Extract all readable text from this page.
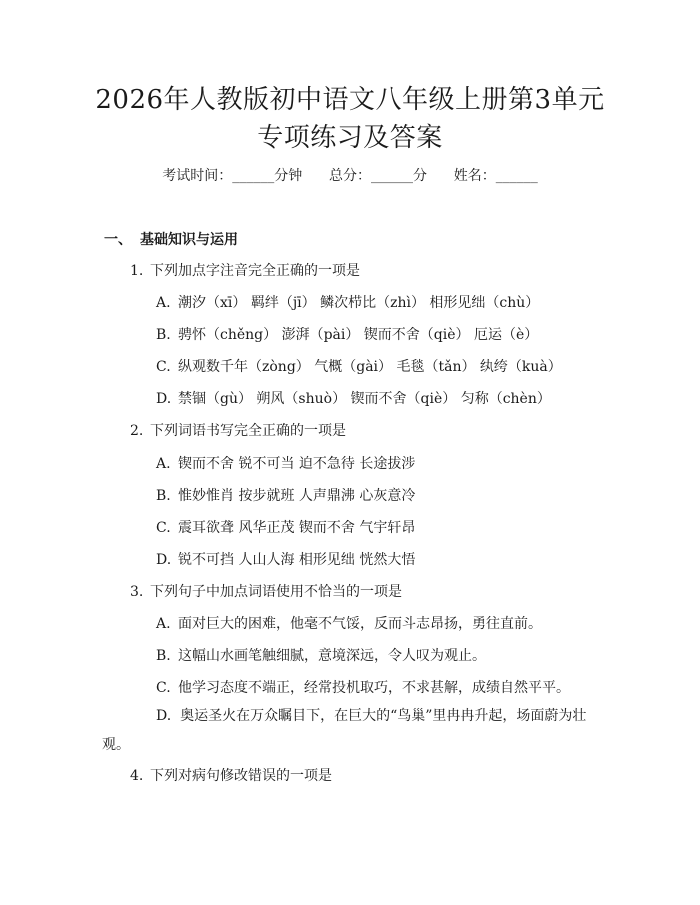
2026年人教版初中语文八年级上册第3单元
专项练习及答案
考试时间：______分钟 总分：______分 姓名：______
一、 基础知识与运用
1. 下列加点字注音完全正确的一项是
A. 潮汐（xī） 羁绊（jī） 鳞次栉比（zhì） 相形见绌（chù）
B. 骋怀（chěng） 澎湃（pài） 锲而不舍（qiè） 厄运（è）
C. 纵观数千年（zòng） 气概（gài） 毛毯（tǎn） 纨绔（kuà）
D. 禁锢（gù） 朔风（shuò） 锲而不舍（qiè） 匀称（chèn）
2. 下列词语书写完全正确的一项是
A. 锲而不舍 锐不可当 迫不急待 长途拔涉
B. 惟妙惟肖 按步就班 人声鼎沸 心灰意冷
C. 震耳欲聋 风华正茂 锲而不舍 气宇轩昂
D. 锐不可挡 人山人海 相形见绌 恍然大悟
3. 下列句子中加点词语使用不恰当的一项是
A. 面对巨大的困难，他毫不气馁，反而斗志昂扬，勇往直前。
B. 这幅山水画笔触细腻，意境深远，令人叹为观止。
C. 他学习态度不端正，经常投机取巧，不求甚解，成绩自然平平。
D. 奥运圣火在万众瞩目下，在巨大的“鸟巢”里冉冉升起，场面蔚为壮观。
4. 下列对病句修改错误的一项是
